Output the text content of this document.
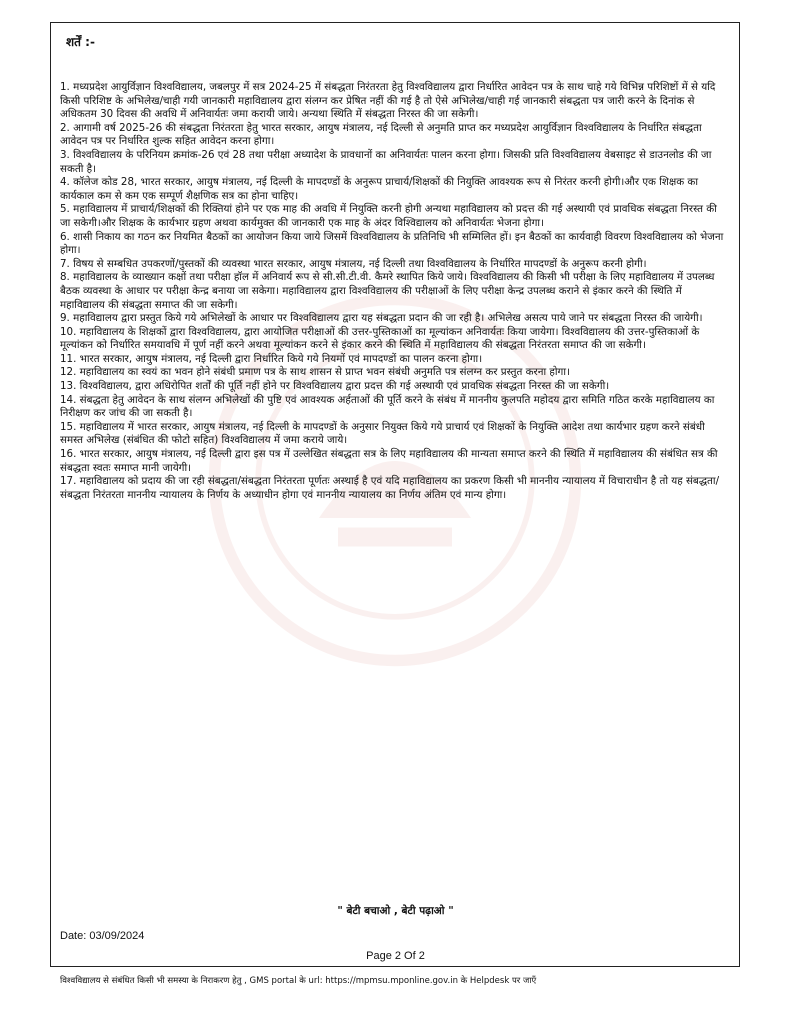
शर्तें :-
1. मध्यप्रदेश आयुर्विज्ञान विश्वविद्यालय, जबलपुर में सत्र 2024-25 में संबद्धता निरंतरता हेतु विश्वविद्यालय द्वारा निर्धारित आवेदन पत्र के साथ चाहे गये विभिन्न परिशिष्टों में से यदि किसी परिशिष्ट के अभिलेख/चाही गयी जानकारी महाविद्यालय द्वारा संलग्न कर प्रेषित नहीं की गई है तो ऐसे अभिलेख/चाही गई जानकारी संबद्धता पत्र जारी करने के दिनांक से अधिकतम 30 दिवस की अवधि में अनिवार्यतः जमा करायी जाये। अन्यथा स्थिति में संबद्धता निरस्त की जा सकेगी।
2. आगामी वर्ष 2025-26 की संबद्धता निरंतरता हेतु भारत सरकार, आयुष मंत्रालय, नई दिल्ली से अनुमति प्राप्त कर मध्यप्रदेश आयुर्विज्ञान विश्वविद्यालय के निर्धारित संबद्धता आवेदन पत्र पर निर्धारित शुल्क सहित आवेदन करना होगा।
3. विश्वविद्यालय के परिनियम क्रमांक-26 एवं 28 तथा परीक्षा अध्यादेश के प्रावधानों का अनिवार्यतः पालन करना होगा। जिसकी प्रति विश्वविद्यालय वेबसाइट से डाउनलोड की जा सकती है।
4. कॉलेज कोड 28, भारत सरकार, आयुष मंत्रालय, नई दिल्ली के मापदण्डों के अनुरूप प्राचार्य/शिक्षकों की नियुक्ति आवश्यक रूप से निरंतर करनी होगी।और एक शिक्षक का कार्यकाल कम से कम एक सम्पूर्ण शैक्षणिक सत्र का होना चाहिए।
5. महाविद्यालय में प्राचार्य/शिक्षकों की रिक्तियां होने पर एक माह की अवधि में नियुक्ति करनी होगी अन्यथा महाविद्यालय को प्रदत्त की गई अस्थायी एवं प्रावधिक संबद्धता निरस्त की जा सकेगी।और शिक्षक के कार्यभार ग्रहण अथवा कार्यमुक्त की जानकारी एक माह के अंदर विश्विद्यालय को अनिवार्यतः भेजना होगा।
6. शासी निकाय का गठन कर नियमित बैठकों का आयोजन किया जाये जिसमें विश्वविद्यालय के प्रतिनिधि भी सम्मिलित हों। इन बैठकों का कार्यवाही विवरण विश्वविद्यालय को भेजना होगा।
7. विषय से सम्बधित उपकरणों/पुस्तकों की व्यवस्था भारत सरकार, आयुष मंत्रालय, नई दिल्ली तथा विश्वविद्यालय के निर्धारित मापदण्डों के अनुरूप करनी होगी।
8. महाविद्यालय के व्याख्यान कक्षों तथा परीक्षा हॉल में अनिवार्य रूप से सी.सी.टी.वी. कैमरे स्थापित किये जाये। विश्वविद्यालय की किसी भी परीक्षा के लिए महाविद्यालय में उपलब्ध बैठक व्यवस्था के आधार पर परीक्षा केन्द्र बनाया जा सकेगा। महाविद्यालय द्वारा विश्वविद्यालय की परीक्षाओं के लिए परीक्षा केन्द्र उपलब्ध कराने से इंकार करने की स्थिति में महाविद्यालय की संबद्धता समाप्त की जा सकेगी।
9. महाविद्यालय द्वारा प्रस्तुत किये गये अभिलेखों के आधार पर विश्वविद्यालय द्वारा यह संबद्धता प्रदान की जा रही है। अभिलेख असत्य पाये जाने पर संबद्धता निरस्त की जायेगी।
10. महाविद्यालय के शिक्षकों द्वारा विश्वविद्यालय, द्वारा आयोजित परीक्षाओं की उत्तर-पुस्तिकाओं का मूल्यांकन अनिवार्यतः किया जायेगा। विश्वविद्यालय की उत्तर-पुस्तिकाओं के मूल्यांकन को निर्धारित समयावधि में पूर्ण नहीं करने अथवा मूल्यांकन करने से इंकार करने की स्थिति में महाविद्यालय की संबद्धता निरंतरता समाप्त की जा सकेगी।
11. भारत सरकार, आयुष मंत्रालय, नई दिल्ली द्वारा निर्धारित किये गये नियमों एवं मापदण्डों का पालन करना होगा।
12. महाविद्यालय का स्वयं का भवन होने संबंधी प्रमाण पत्र के साथ शासन से प्राप्त भवन संबंधी अनुमति पत्र संलग्न कर प्रस्तुत करना होगा।
13. विश्वविद्यालय, द्वारा अधिरोपित शर्तों की पूर्ति नहीं होने पर विश्वविद्यालय द्वारा प्रदत्त की गई अस्थायी एवं प्रावधिक संबद्धता निरस्त की जा सकेगी।
14. संबद्धता हेतु आवेदन के साथ संलग्न अभिलेखों की पुष्टि एवं आवश्यक अर्हताओं की पूर्ति करने के संबंध में माननीय कुलपति महोदय द्वारा समिति गठित करके महाविद्यालय का निरीक्षण कर जांच की जा सकती है।
15. महाविद्यालय में भारत सरकार, आयुष मंत्रालय, नई दिल्ली के मापदण्डों के अनुसार नियुक्त किये गये प्राचार्य एवं शिक्षकों के नियुक्ति आदेश तथा कार्यभार ग्रहण करने संबंधी समस्त अभिलेख (संबंधित की फोटो सहित) विश्वविद्यालय में जमा कराये जाये।
16. भारत सरकार, आयुष मंत्रालय, नई दिल्ली द्वारा इस पत्र में उल्लेखित संबद्धता सत्र के लिए महाविद्यालय की मान्यता समाप्त करने की स्थिति में महाविद्यालय की संबंधित सत्र की संबद्धता स्वतः समाप्त मानी जायेगी।
17. महाविद्यालय को प्रदाय की जा रही संबद्धता/संबद्धता निरंतरता पूर्णतः अस्थाई है एवं यदि महाविद्यालय का प्रकरण किसी भी माननीय न्यायालय में विचाराधीन है तो यह संबद्धता/संबद्धता निरंतरता माननीय न्यायालय के निर्णय के अध्याधीन होगा एवं माननीय न्यायालय का निर्णय अंतिम एवं मान्य होगा।
" बेटी बचाओ , बेटी पढ़ाओ "
Date: 03/09/2024
Page 2 Of 2
विश्वविद्यालय से संबंधित किसी भी समस्या के निराकरण हेतु , GMS portal के url: https://mpmsu.mponline.gov.in के Helpdesk पर जाएँ
